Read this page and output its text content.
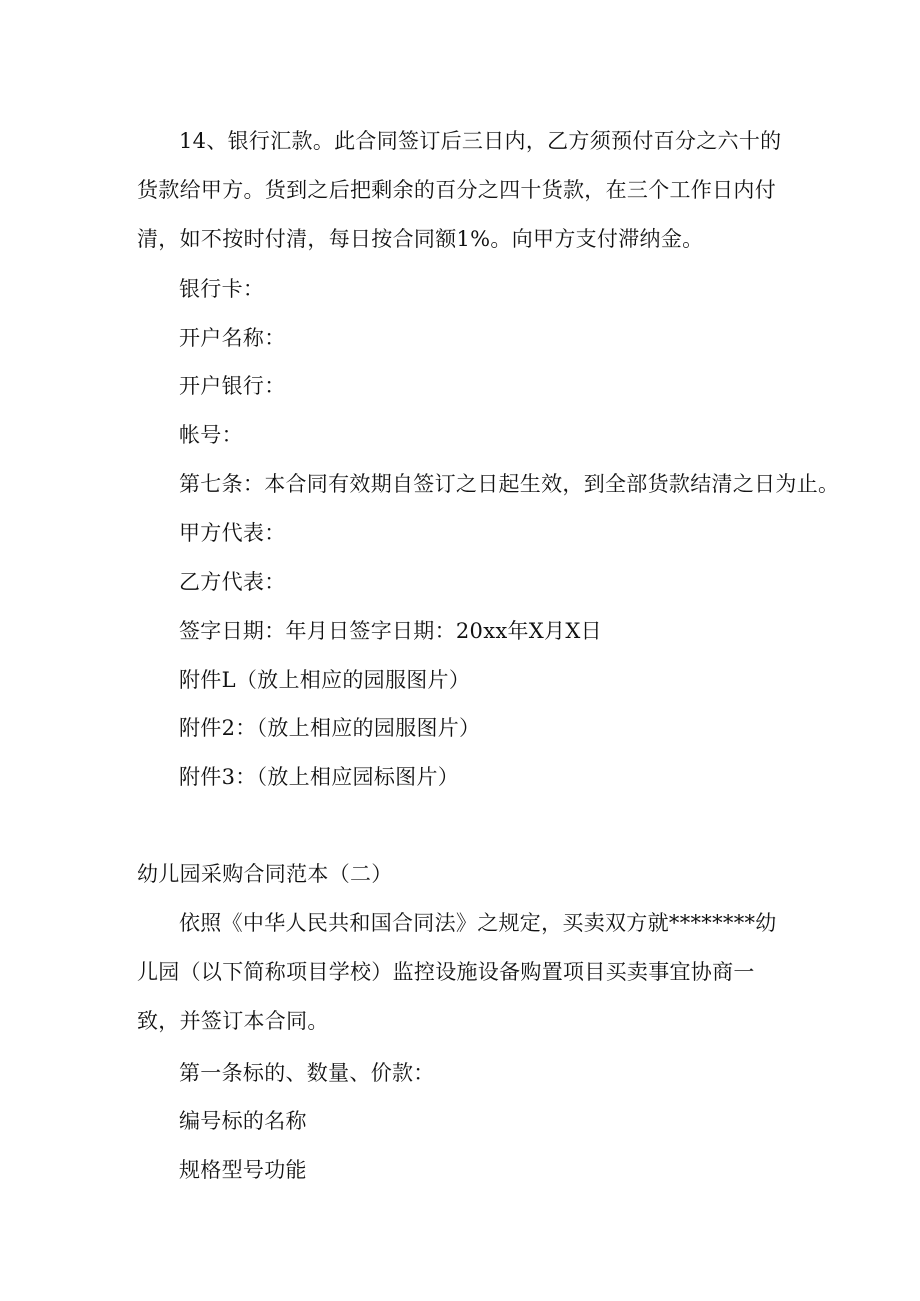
14、银行汇款。此合同签订后三日内，乙方须预付百分之六十的货款给甲方。货到之后把剩余的百分之四十货款，在三个工作日内付清，如不按时付清，每日按合同额1%。向甲方支付滞纳金。

银行卡：

开户名称：

开户银行：

帐号：

第七条：本合同有效期自签订之日起生效，到全部货款结清之日为止。

甲方代表：

乙方代表：

签字日期：年月日签字日期：20xx年X月X日

附件L（放上相应的园服图片）

附件2：（放上相应的园服图片）

附件3：（放上相应园标图片）

幼儿园采购合同范本（二）

依照《中华人民共和国合同法》之规定，买卖双方就********幼儿园（以下简称项目学校）监控设施设备购置项目买卖事宜协商一致，并签订本合同。

第一条标的、数量、价款：

编号标的名称

规格型号功能
